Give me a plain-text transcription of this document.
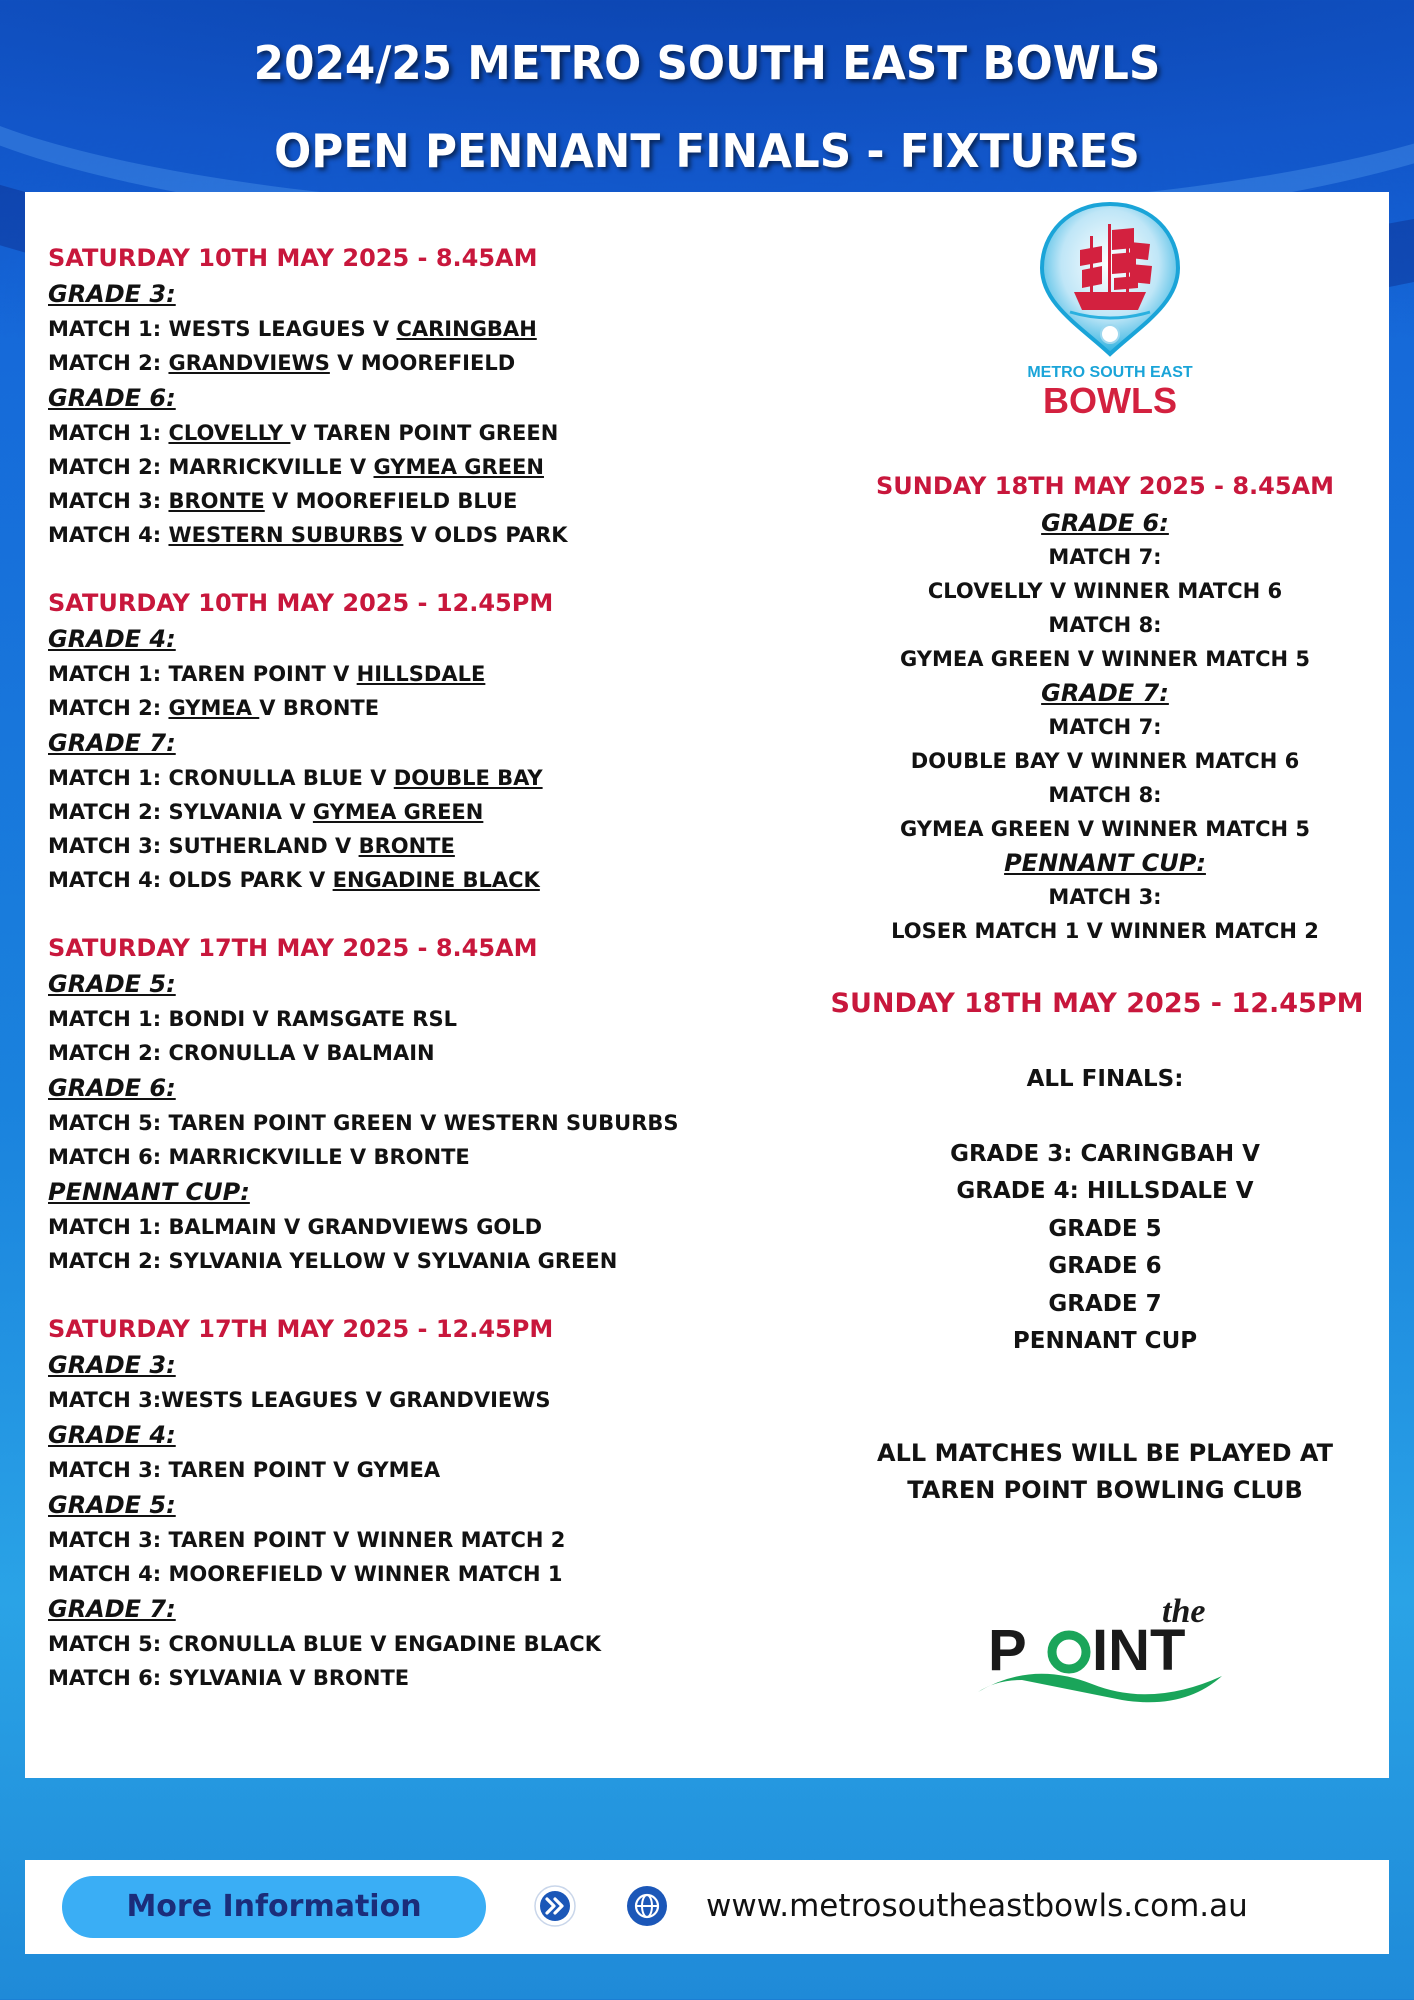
2024/25 METRO SOUTH EAST BOWLS
OPEN PENNANT FINALS - FIXTURES
SATURDAY 10TH MAY 2025 - 8.45AM
GRADE 3:
MATCH 1: WESTS LEAGUES V CARINGBAH
MATCH 2: GRANDVIEWS V MOOREFIELD
GRADE 6:
MATCH 1: CLOVELLY V TAREN POINT GREEN
MATCH 2: MARRICKVILLE V GYMEA GREEN
MATCH 3: BRONTE V MOOREFIELD BLUE
MATCH 4: WESTERN SUBURBS V OLDS PARK
SATURDAY 10TH MAY 2025 - 12.45PM
GRADE 4:
MATCH 1: TAREN POINT V HILLSDALE
MATCH 2: GYMEA V BRONTE
GRADE 7:
MATCH 1: CRONULLA BLUE V DOUBLE BAY
MATCH 2: SYLVANIA V GYMEA GREEN
MATCH 3: SUTHERLAND V BRONTE
MATCH 4: OLDS PARK V ENGADINE BLACK
SATURDAY 17TH MAY 2025 - 8.45AM
GRADE 5:
MATCH 1: BONDI V RAMSGATE RSL
MATCH 2: CRONULLA V BALMAIN
GRADE 6:
MATCH 5: TAREN POINT GREEN V WESTERN SUBURBS
MATCH 6: MARRICKVILLE V BRONTE
PENNANT CUP:
MATCH 1: BALMAIN V GRANDVIEWS GOLD
MATCH 2: SYLVANIA YELLOW V SYLVANIA GREEN
SATURDAY 17TH MAY 2025 - 12.45PM
GRADE 3:
MATCH 3:WESTS LEAGUES V GRANDVIEWS
GRADE 4:
MATCH 3: TAREN POINT V GYMEA
GRADE 5:
MATCH 3: TAREN POINT V WINNER MATCH 2
MATCH 4: MOOREFIELD V WINNER MATCH 1
GRADE 7:
MATCH 5: CRONULLA BLUE V ENGADINE BLACK
MATCH 6: SYLVANIA V BRONTE
METRO SOUTH EAST
BOWLS
SUNDAY 18TH MAY 2025 - 8.45AM
GRADE 6:
MATCH 7:
CLOVELLY V WINNER MATCH 6
MATCH 8:
GYMEA GREEN V WINNER MATCH 5
GRADE 7:
MATCH 7:
DOUBLE BAY V WINNER MATCH 6
MATCH 8:
GYMEA GREEN V WINNER MATCH 5
PENNANT CUP:
MATCH 3:
LOSER MATCH 1 V WINNER MATCH 2
SUNDAY 18TH MAY 2025 - 12.45PM
ALL FINALS:
GRADE 3: CARINGBAH V
GRADE 4: HILLSDALE V
GRADE 5
GRADE 6
GRADE 7
PENNANT CUP
ALL MATCHES WILL BE PLAYED AT
TAREN POINT BOWLING CLUB
the
P INT
More Information	www.metrosoutheastbowls.com.au
